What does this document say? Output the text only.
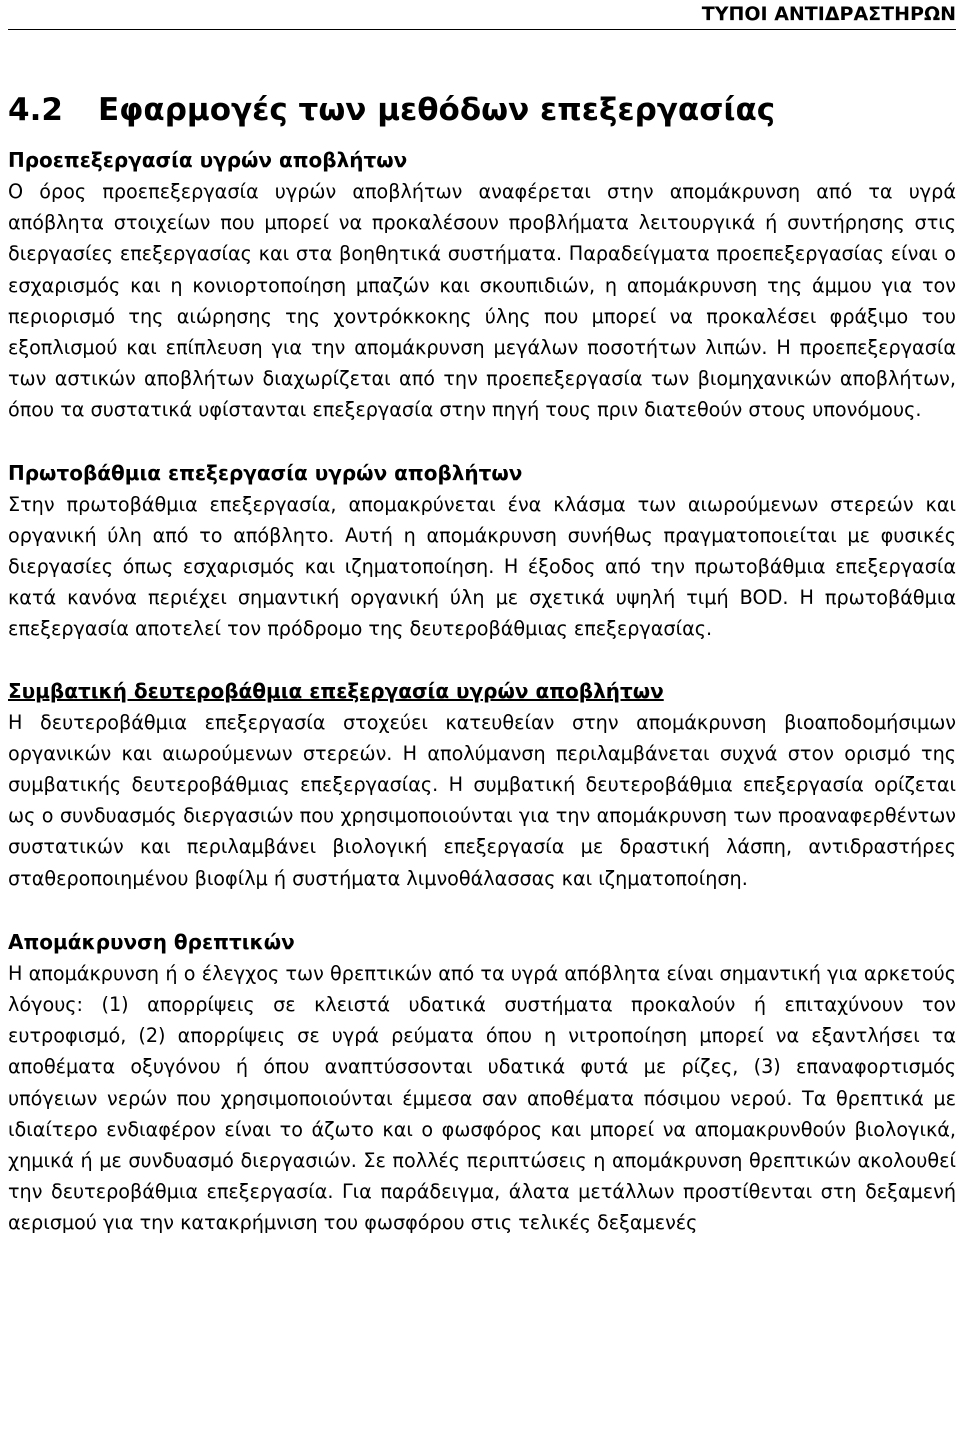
ΤΥΠΟΙ ΑΝΤΙΔΡΑΣΤΗΡΩΝ
4.2	Εφαρμογές των μεθόδων επεξεργασίας

Προεπεξεργασία υγρών αποβλήτων

Ο όρος προεπεξεργασία υγρών αποβλήτων αναφέρεται στην απομάκρυνση από τα υγρά απόβλητα στοιχείων που μπορεί να προκαλέσουν προβλήματα λειτουργικά ή συντήρησης στις διεργασίες επεξεργασίας και στα βοηθητικά συστήματα. Παραδείγματα προεπεξεργασίας είναι ο εσχαρισμός και η κονιορτοποίηση μπαζών και σκουπιδιών, η απομάκρυνση της άμμου για τον περιορισμό της αιώρησης της χοντρόκκοκης ύλης που μπορεί να προκαλέσει φράξιμο του εξοπλισμού και επίπλευση για την απομάκρυνση μεγάλων ποσοτήτων λιπών. Η προεπεξεργασία των αστικών αποβλήτων διαχωρίζεται από την προεπεξεργασία των βιομηχανικών αποβλήτων, όπου τα συστατικά υφίστανται επεξεργασία στην πηγή τους πριν διατεθούν στους υπονόμους.

Πρωτοβάθμια επεξεργασία υγρών αποβλήτων

Στην πρωτοβάθμια επεξεργασία, απομακρύνεται ένα κλάσμα των αιωρούμενων στερεών και οργανική ύλη από το απόβλητο. Αυτή η απομάκρυνση συνήθως πραγματοποιείται με φυσικές διεργασίες όπως εσχαρισμός και ιζηματοποίηση. Η έξοδος από την πρωτοβάθμια επεξεργασία κατά κανόνα περιέχει σημαντική οργανική ύλη με σχετικά υψηλή τιμή BOD. Η πρωτοβάθμια επεξεργασία αποτελεί τον πρόδρομο της δευτεροβάθμιας επεξεργασίας.

Συμβατική δευτεροβάθμια επεξεργασία υγρών αποβλήτων

Η δευτεροβάθμια επεξεργασία στοχεύει κατευθείαν στην απομάκρυνση βιοαποδομήσιμων οργανικών και αιωρούμενων στερεών. Η απολύμανση περιλαμβάνεται συχνά στον ορισμό της συμβατικής δευτεροβάθμιας επεξεργασίας. Η συμβατική δευτεροβάθμια επεξεργασία ορίζεται ως ο συνδυασμός διεργασιών που χρησιμοποιούνται για την απομάκρυνση των προαναφερθέντων συστατικών και περιλαμβάνει βιολογική επεξεργασία με δραστική λάσπη, αντιδραστήρες σταθεροποιημένου βιοφίλμ ή συστήματα λιμνοθάλασσας και ιζηματοποίηση.

Απομάκρυνση θρεπτικών

Η απομάκρυνση ή ο έλεγχος των θρεπτικών από τα υγρά απόβλητα είναι σημαντική για αρκετούς λόγους: (1) απορρίψεις σε κλειστά υδατικά συστήματα προκαλούν ή επιταχύνουν τον ευτροφισμό, (2) απορρίψεις σε υγρά ρεύματα όπου η νιτροποίηση μπορεί να εξαντλήσει τα αποθέματα οξυγόνου ή όπου αναπτύσσονται υδατικά φυτά με ρίζες, (3) επαναφορτισμός υπόγειων νερών που χρησιμοποιούνται έμμεσα σαν αποθέματα πόσιμου νερού. Τα θρεπτικά με ιδιαίτερο ενδιαφέρον είναι το άζωτο και ο φωσφόρος και μπορεί να απομακρυνθούν βιολογικά, χημικά ή με συνδυασμό διεργασιών. Σε πολλές περιπτώσεις η απομάκρυνση θρεπτικών ακολουθεί την δευτεροβάθμια επεξεργασία. Για παράδειγμα, άλατα μετάλλων προστίθενται στη δεξαμενή αερισμού για την κατακρήμνιση του φωσφόρου στις τελικές δεξαμενές
